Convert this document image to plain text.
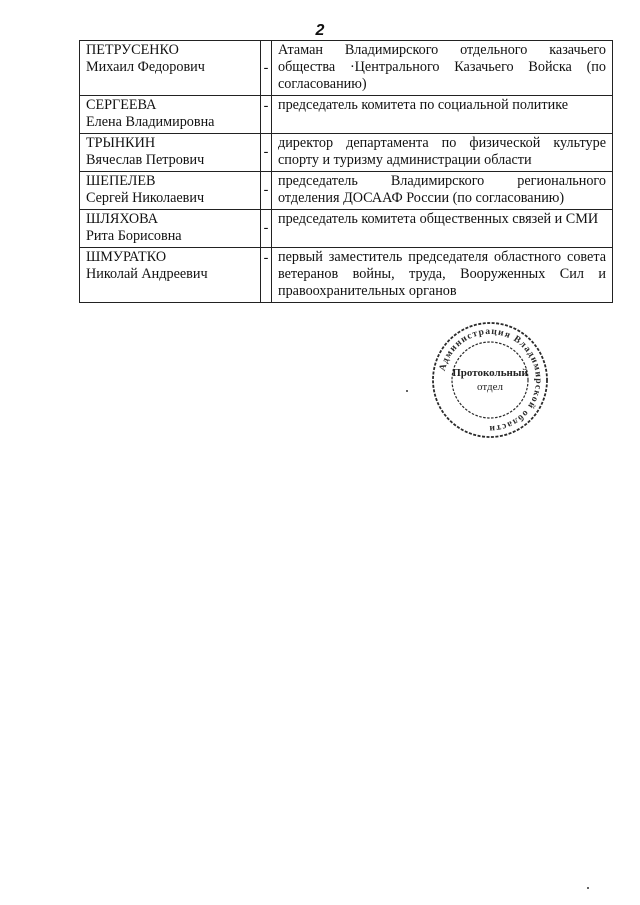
2
ПЕТРУСЕНКО
Михаил Федорович	-	Атаман Владимирского отдельного казачьего общества ·Центрального Казачьего Войска (по согласованию)

СЕРГЕЕВА
Елена Владимировна	-	председатель комитета по социальной политике

ТРЫНКИН
Вячеслав Петрович	-	директор департамента по физической культуре спорту и туризму администрации области

ШЕПЕЛЕВ
Сергей Николаевич	-	председатель Владимирского регионального отделения ДОСААФ России (по согласованию)

ШЛЯХОВА
Рита Борисовна	-	председатель комитета общественных связей и СМИ

ШМУРАТКО
Николай Андреевич	-	первый заместитель председателя областного совета ветеранов войны, труда, Вооруженных Сил и правоохранительных органов
Администрация Владимирской области
Протокольный
отдел
